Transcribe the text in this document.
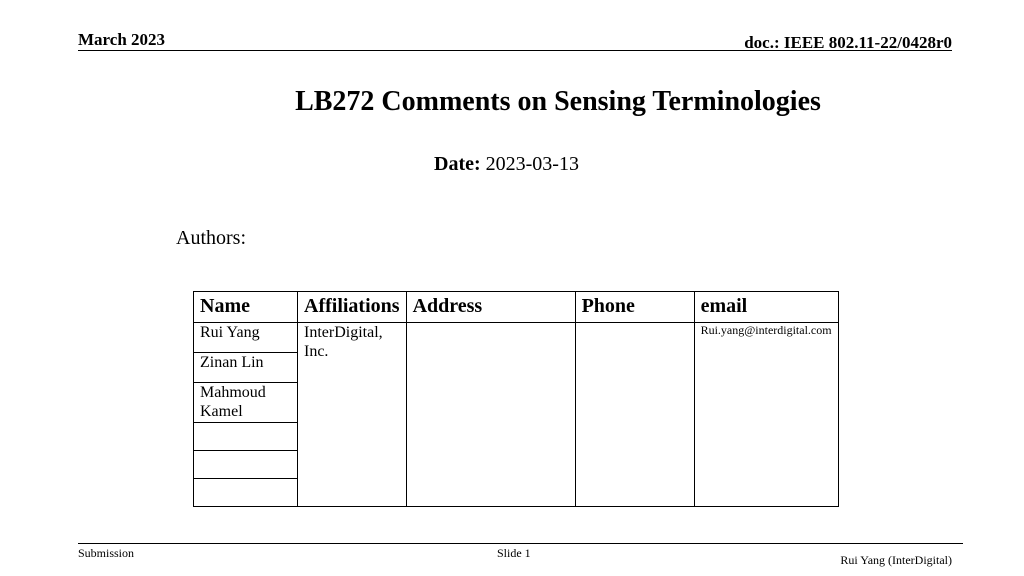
March 2023	doc.: IEEE 802.11-22/0428r0
LB272 Comments on Sensing Terminologies
Date: 2023-03-13
Authors:
Name	Affiliations	Address	Phone	email
Rui Yang	InterDigital, Inc.			Rui.yang@interdigital.com
Zinan Lin				
Mahmoud Kamel				

Submission	Slide 1	Rui Yang (InterDigital)
